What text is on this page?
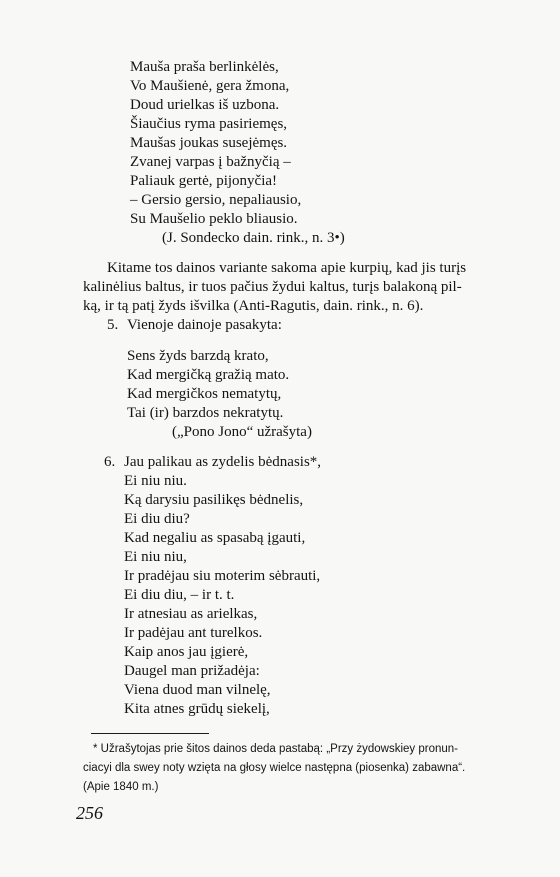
Mauša praša berlinkėlės,
Vo Maušienė, gera žmona,
Doud urielkas iš uzbona.
Šiaučius ryma pasiriemęs,
Maušas joukas susejėmęs.
Zvanej varpas į bažnyčią –
Paliauk gertė, pijonyčia!
– Gersio gersio, nepaliausio,
Su Maušelio peklo bliausio.
(J. Sondecko dain. rink., n. 3•)
Kitame tos dainos variante sakoma apie kurpių, kad jis turįs
kalinėlius baltus, ir tuos pačius žydui kaltus, turįs balakoną pil-
ką, ir tą patį žyds išvilka (Anti-Ragutis, dain. rink., n. 6).
5. Vienoje dainoje pasakyta:
Sens žyds barzdą krato,
Kad mergičką gražią mato.
Kad mergičkos nematytų,
Tai (ir) barzdos nekratytų.
(„Pono Jono“ užrašyta)
6. Jau palikau as zydelis bėdnasis*,
Ei niu niu.
Ką darysiu pasilikęs bėdnelis,
Ei diu diu?
Kad negaliu as spasabą įgauti,
Ei niu niu,
Ir pradėjau siu moterim sėbrauti,
Ei diu diu, – ir t. t.
Ir atnesiau as arielkas,
Ir padėjau ant turelkos.
Kaip anos jau įgierė,
Daugel man prižadėja:
Viena duod man vilnelę,
Kita atnes grūdų siekelį,
* Užrašytojas prie šitos dainos deda pastabą: „Przy żydowskiey pronun-
ciacyi dla swey noty wzięta na głosy wielce następna (piosenka) zabawna“.
(Apie 1840 m.)
256
